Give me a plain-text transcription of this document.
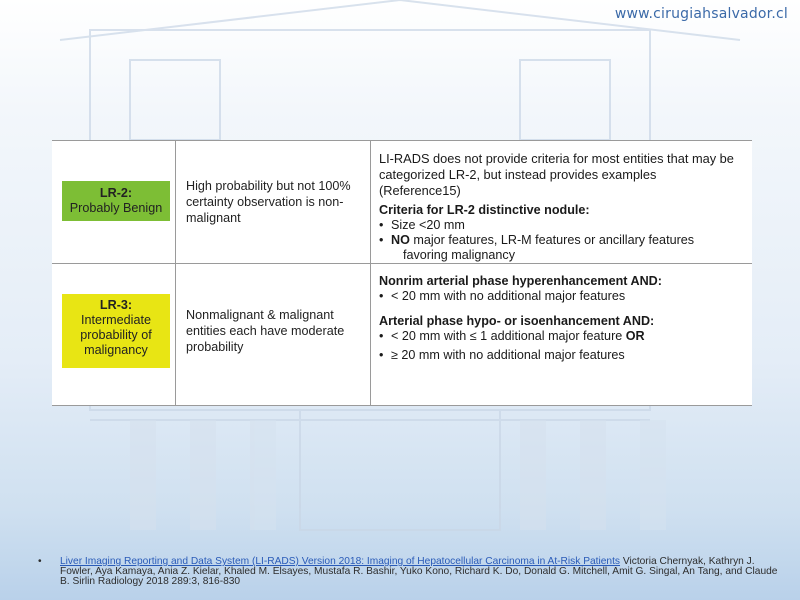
www.cirugiahsalvador.cl
LR-2:
Probably Benign
High probability but not 100% certainty observation is non-malignant
LI-RADS does not provide criteria for most entities that may be categorized LR-2, but instead provides examples (Reference15)
Criteria for LR-2 distinctive nodule:
• Size <20 mm
• NO major features, LR-M features or ancillary features
favoring malignancy
LR-3:
Intermediate
probability of
malignancy
Nonmalignant & malignant entities each have moderate probability
Nonrim arterial phase hyperenhancement AND:
• < 20 mm with no additional major features
Arterial phase hypo- or isoenhancement AND:
• < 20 mm with ≤ 1 additional major feature OR
• ≥ 20 mm with no additional major features
• Liver Imaging Reporting and Data System (LI-RADS) Version 2018: Imaging of Hepatocellular Carcinoma in At-Risk Patients Victoria Chernyak, Kathryn J. Fowler, Aya Kamaya, Ania Z. Kielar, Khaled M. Elsayes, Mustafa R. Bashir, Yuko Kono, Richard K. Do, Donald G. Mitchell, Amit G. Singal, An Tang, and Claude B. Sirlin Radiology 2018 289:3, 816-830
